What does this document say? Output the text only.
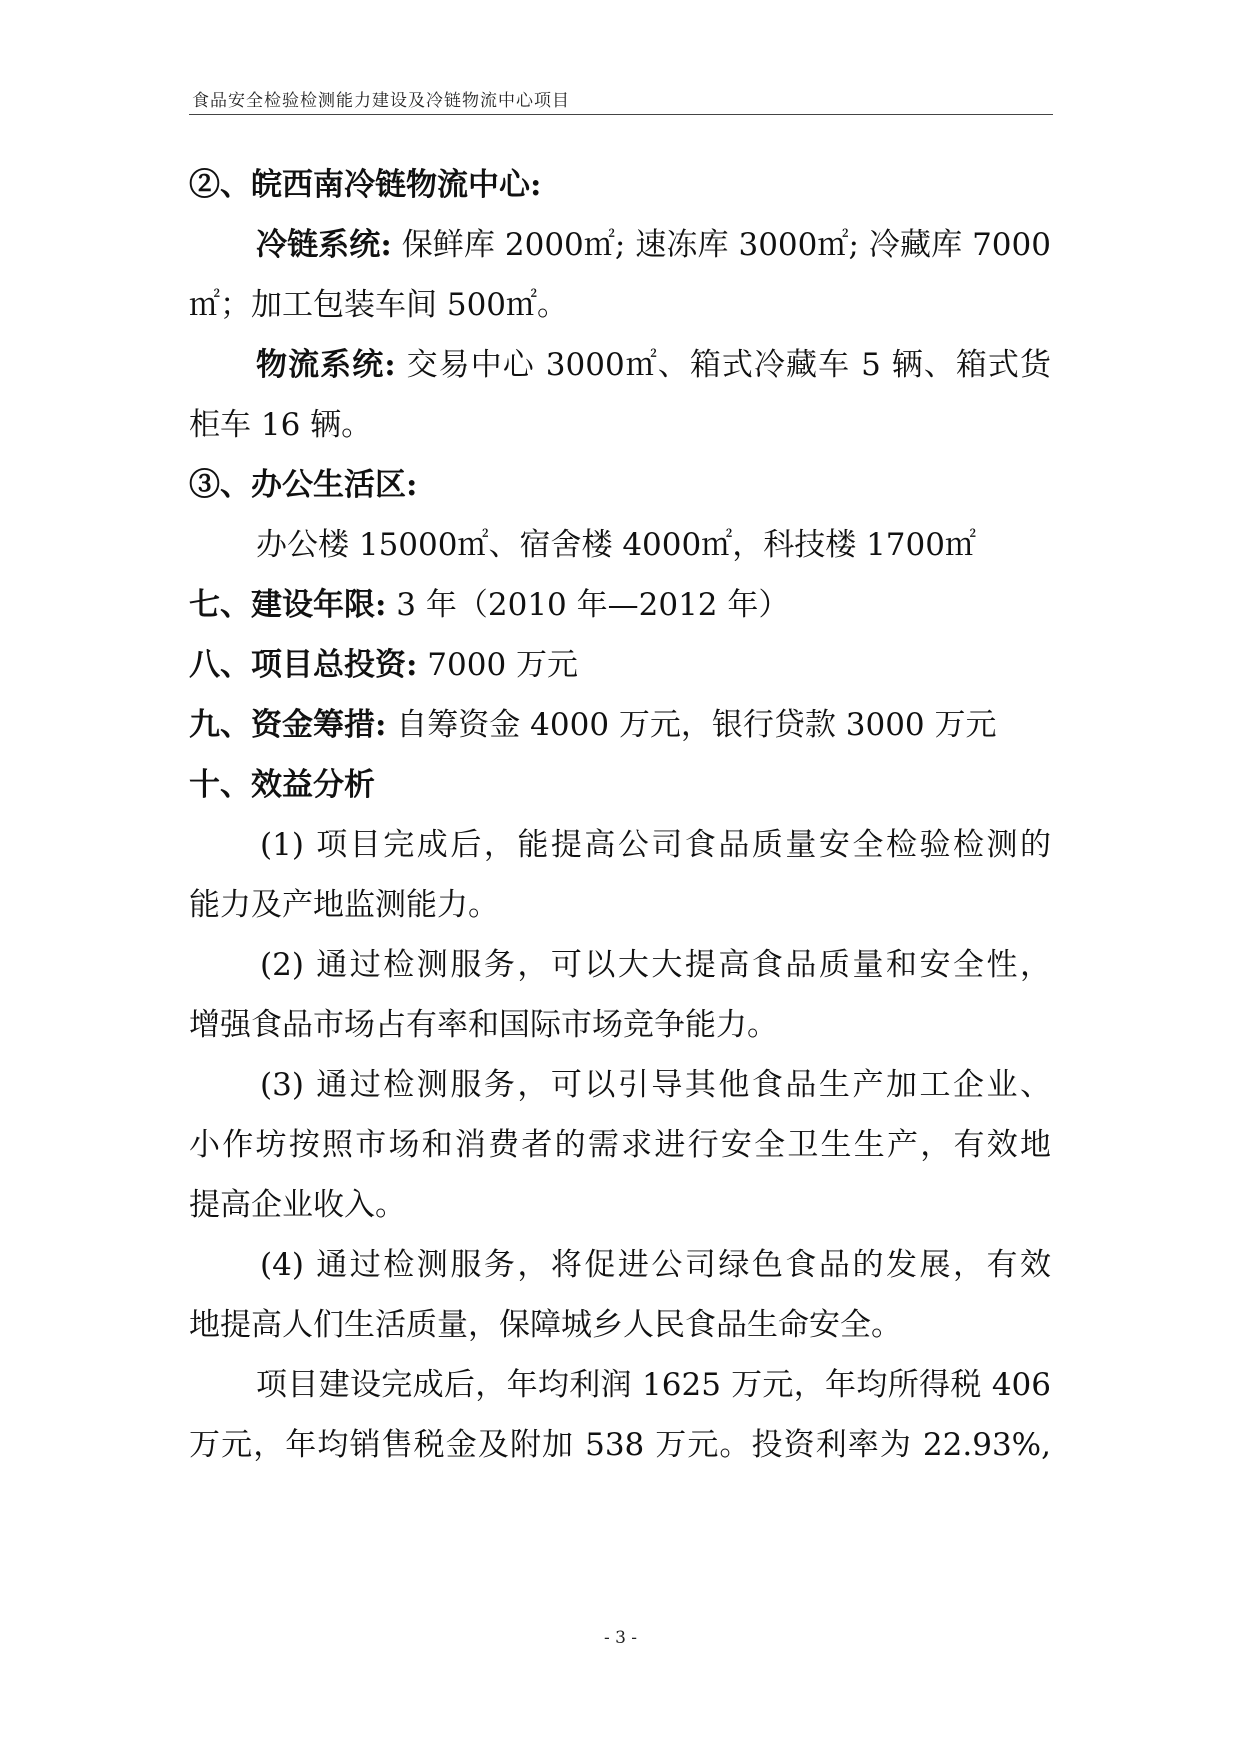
食品安全检验检测能力建设及冷链物流中心项目
②、皖西南冷链物流中心:
冷链系统: 保鲜库 2000㎡; 速冻库 3000㎡; 冷藏库 7000
㎡；加工包装车间 500㎡。
物流系统: 交易中心 3000㎡、箱式冷藏车 5 辆、箱式货
柜车 16 辆。
③、办公生活区:
办公楼 15000㎡、宿舍楼 4000㎡，科技楼 1700㎡
七、建设年限: 3 年（2010 年—2012 年）
八、项目总投资: 7000 万元
九、资金筹措: 自筹资金 4000 万元，银行贷款 3000 万元
十、效益分析
(1) 项目完成后，能提高公司食品质量安全检验检测的
能力及产地监测能力。
(2) 通过检测服务，可以大大提高食品质量和安全性，
增强食品市场占有率和国际市场竞争能力。
(3) 通过检测服务，可以引导其他食品生产加工企业、
小作坊按照市场和消费者的需求进行安全卫生生产，有效地
提高企业收入。
(4) 通过检测服务，将促进公司绿色食品的发展，有效
地提高人们生活质量，保障城乡人民食品生命安全。
项目建设完成后，年均利润 1625 万元，年均所得税 406
万元，年均销售税金及附加 538 万元。投资利率为 22.93%,
- 3 -
